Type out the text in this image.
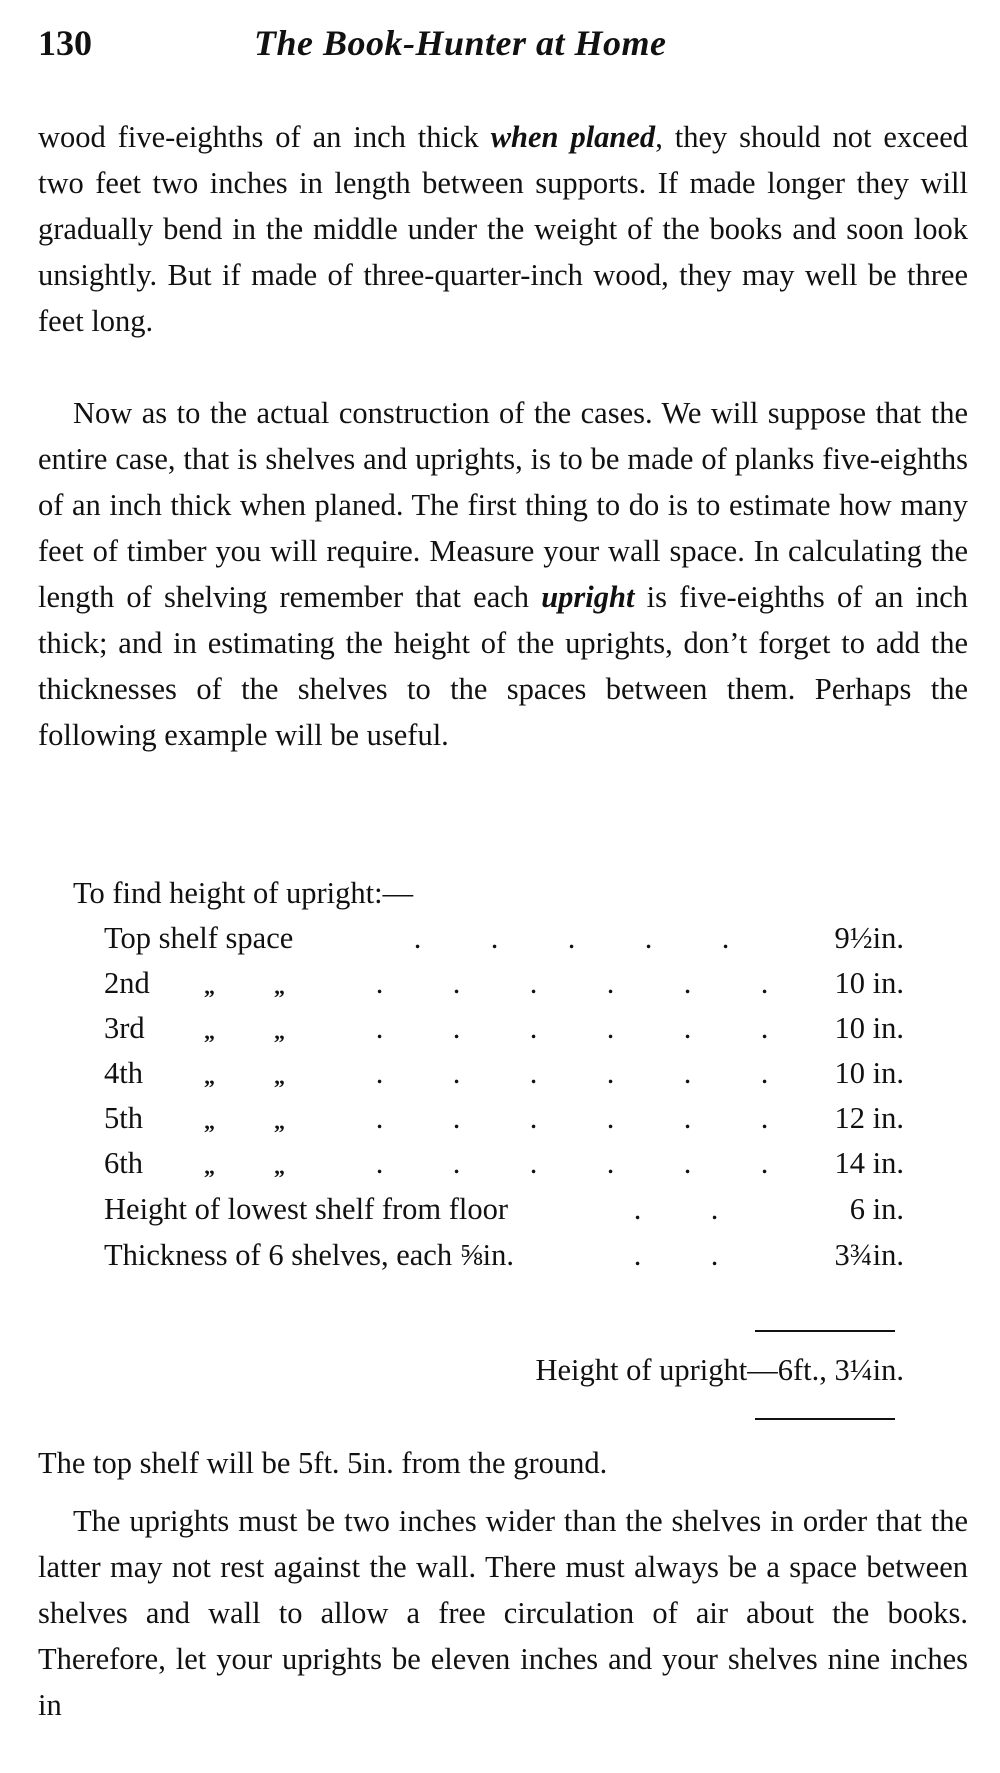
130	The Book-Hunter at Home

wood five-eighths of an inch thick when planed, they should not exceed two feet two inches in length between supports. If made longer they will gradually bend in the middle under the weight of the books and soon look unsightly. But if made of three-quarter-inch wood, they may well be three feet long.

Now as to the actual construction of the cases. We will suppose that the entire case, that is shelves and uprights, is to be made of planks five-eighths of an inch thick when planed. The first thing to do is to estimate how many feet of timber you will require. Measure your wall space. In calculating the length of shelving remember that each upright is five-eighths of an inch thick; and in estimating the height of the uprights, don’t forget to add the thicknesses of the shelves to the spaces between them. Perhaps the following example will be useful.

To find height of upright:—
Top shelf space	. . . . .	9½in.
2nd „	„	. . . . . .	10 in.
3rd	„	„	. . . . . .	10 in.
4th	„	„	. . . . . .	10 in.
5th	„	„	. . . . . .	12 in.
6th	„	„	. . . . . .	14 in.
Height of lowest shelf from floor	. .	6 in.
Thickness of 6 shelves, each ⅝in.	. .	3¾in.
Height of upright—6ft., 3¼in.
The top shelf will be 5ft. 5in. from the ground.

The uprights must be two inches wider than the shelves in order that the latter may not rest against the wall. There must always be a space between shelves and wall to allow a free circulation of air about the books. Therefore, let your uprights be eleven inches and your shelves nine inches in
